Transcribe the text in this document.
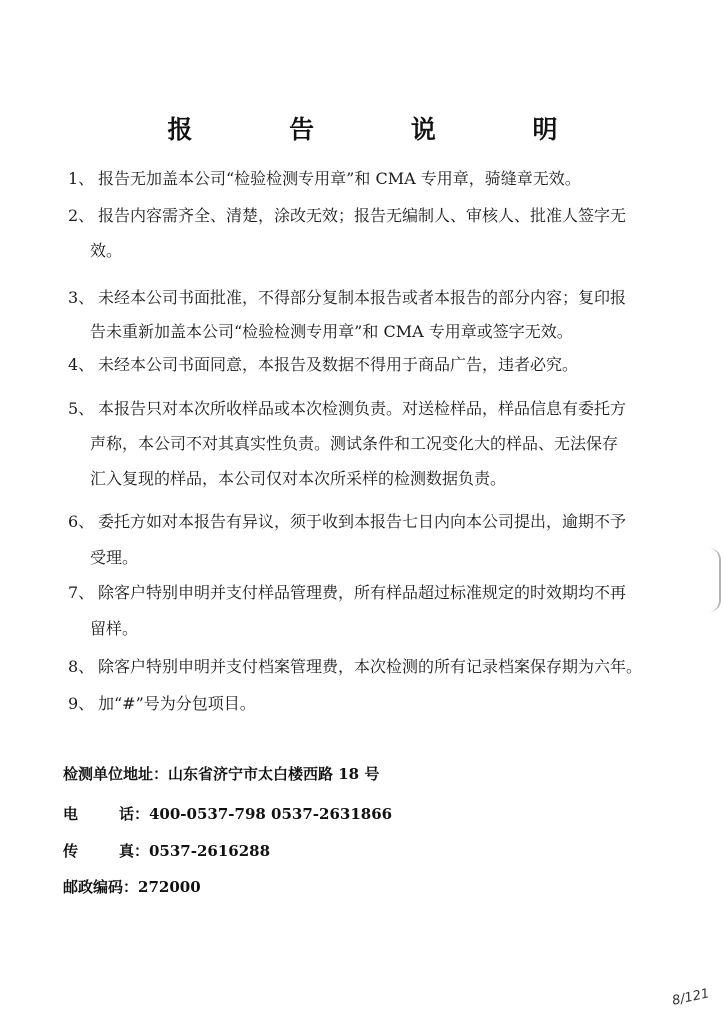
报 告 说 明
1、 报告无加盖本公司“检验检测专用章”和 CMA 专用章，骑缝章无效。
2、 报告内容需齐全、清楚，涂改无效；报告无编制人、审核人、批准人签字无
效。
3、 未经本公司书面批准，不得部分复制本报告或者本报告的部分内容；复印报
告未重新加盖本公司“检验检测专用章”和 CMA 专用章或签字无效。
4、 未经本公司书面同意，本报告及数据不得用于商品广告，违者必究。
5、 本报告只对本次所收样品或本次检测负责。对送检样品，样品信息有委托方
声称，本公司不对其真实性负责。测试条件和工况变化大的样品、无法保存
汇入复现的样品，本公司仅对本次所采样的检测数据负责。
6、 委托方如对本报告有异议，须于收到本报告七日内向本公司提出，逾期不予
受理。
7、 除客户特别申明并支付样品管理费，所有样品超过标准规定的时效期均不再
留样。
8、 除客户特别申明并支付档案管理费，本次检测的所有记录档案保存期为六年。
9、 加“#”号为分包项目。
检测单位地址：山东省济宁市太白楼西路 18 号
电	话： 400-0537-798 0537-2631866
传	真： 0537-2616288
邮政编码：272000
8/121
